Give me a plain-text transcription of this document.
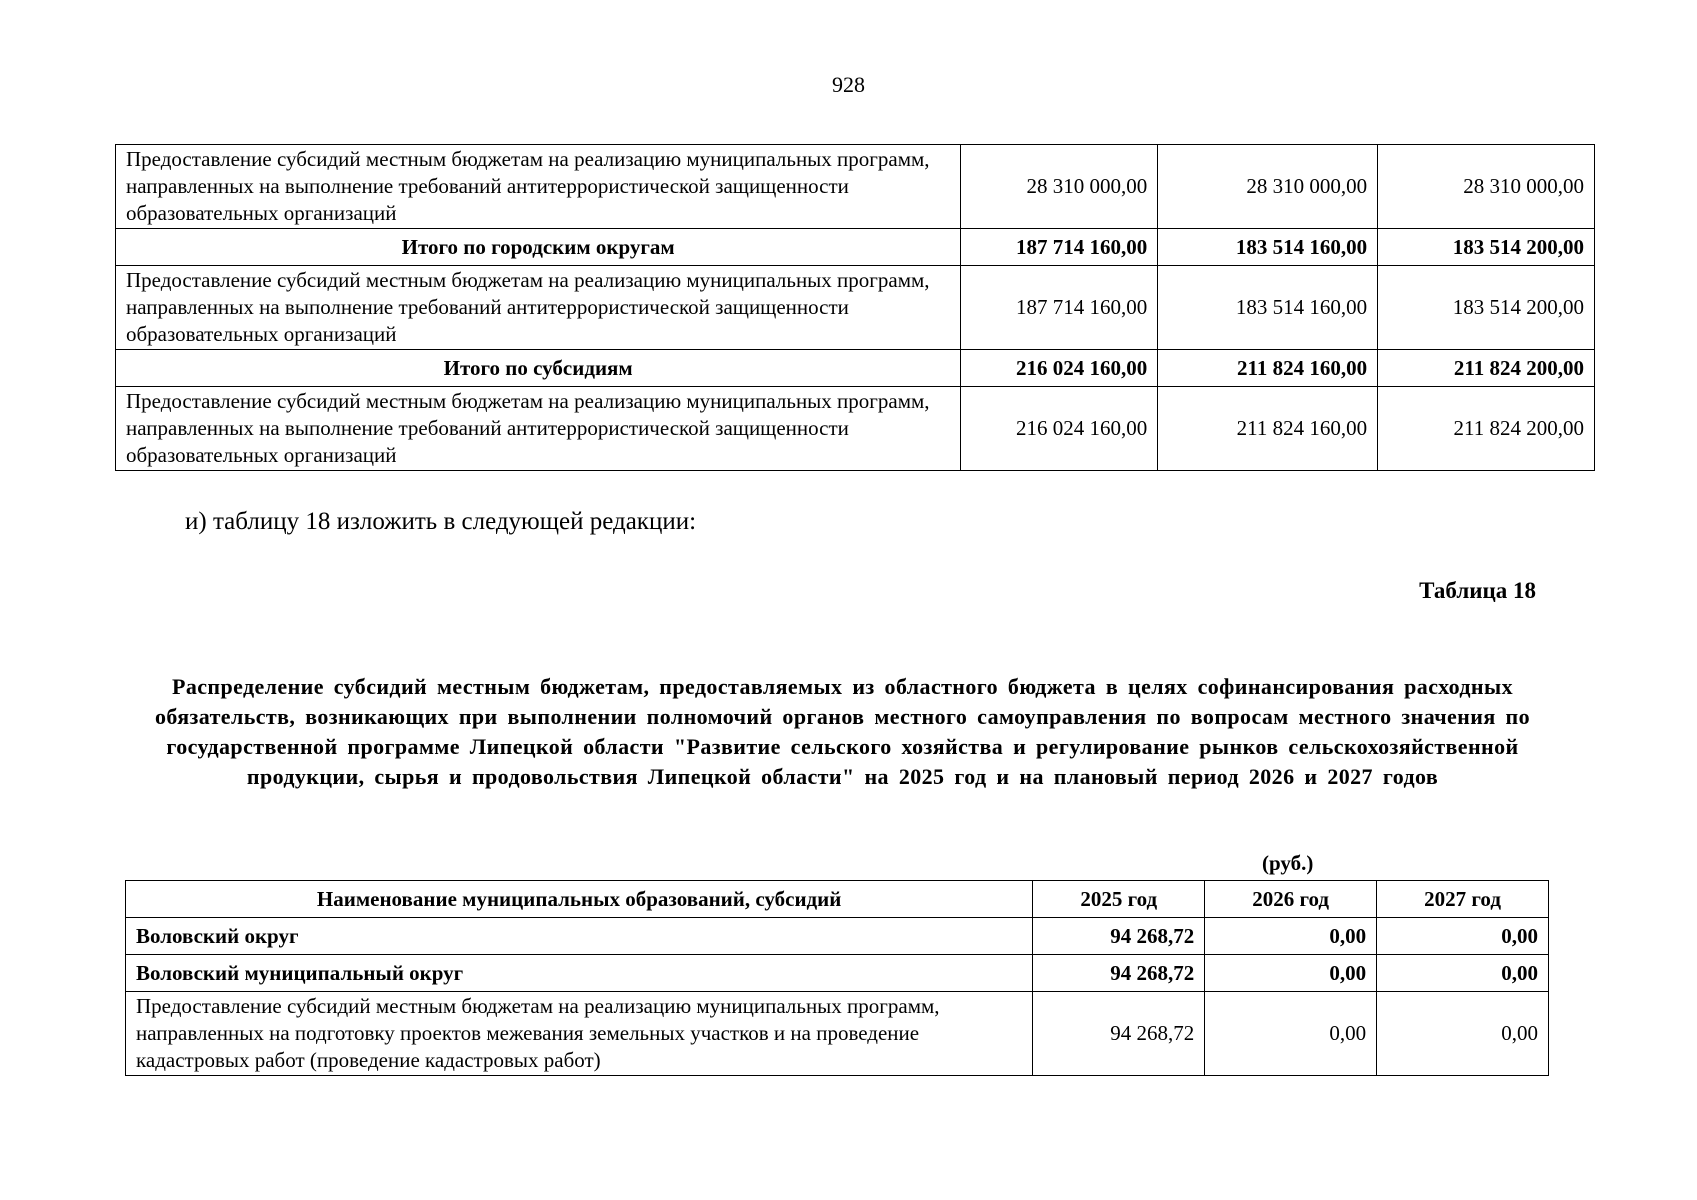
928
Предоставление субсидий местным бюджетам на реализацию муниципальных программ, направленных на выполнение требований антитеррористической защищенности образовательных организаций	28 310 000,00	28 310 000,00	28 310 000,00
Итого по городским округам	187 714 160,00	183 514 160,00	183 514 200,00
Предоставление субсидий местным бюджетам на реализацию муниципальных программ, направленных на выполнение требований антитеррористической защищенности образовательных организаций	187 714 160,00	183 514 160,00	183 514 200,00
Итого по субсидиям	216 024 160,00	211 824 160,00	211 824 200,00
Предоставление субсидий местным бюджетам на реализацию муниципальных программ, направленных на выполнение требований антитеррористической защищенности образовательных организаций	216 024 160,00	211 824 160,00	211 824 200,00
и) таблицу 18 изложить в следующей редакции:
Таблица 18
Распределение субсидий местным бюджетам, предоставляемых из областного бюджета в целях софинансирования расходных обязательств, возникающих при выполнении полномочий органов местного самоуправления по вопросам местного значения по государственной программе Липецкой области "Развитие сельского хозяйства и регулирование рынков сельскохозяйственной продукции, сырья и продовольствия Липецкой области" на 2025 год и на плановый период 2026 и 2027 годов
(руб.)
Наименование муниципальных образований, субсидий	2025 год	2026 год	2027 год
Воловский округ	94 268,72	0,00	0,00
Воловский муниципальный округ	94 268,72	0,00	0,00
Предоставление субсидий местным бюджетам на реализацию муниципальных программ, направленных на подготовку проектов межевания земельных участков и на проведение кадастровых работ (проведение кадастровых работ)	94 268,72	0,00	0,00
